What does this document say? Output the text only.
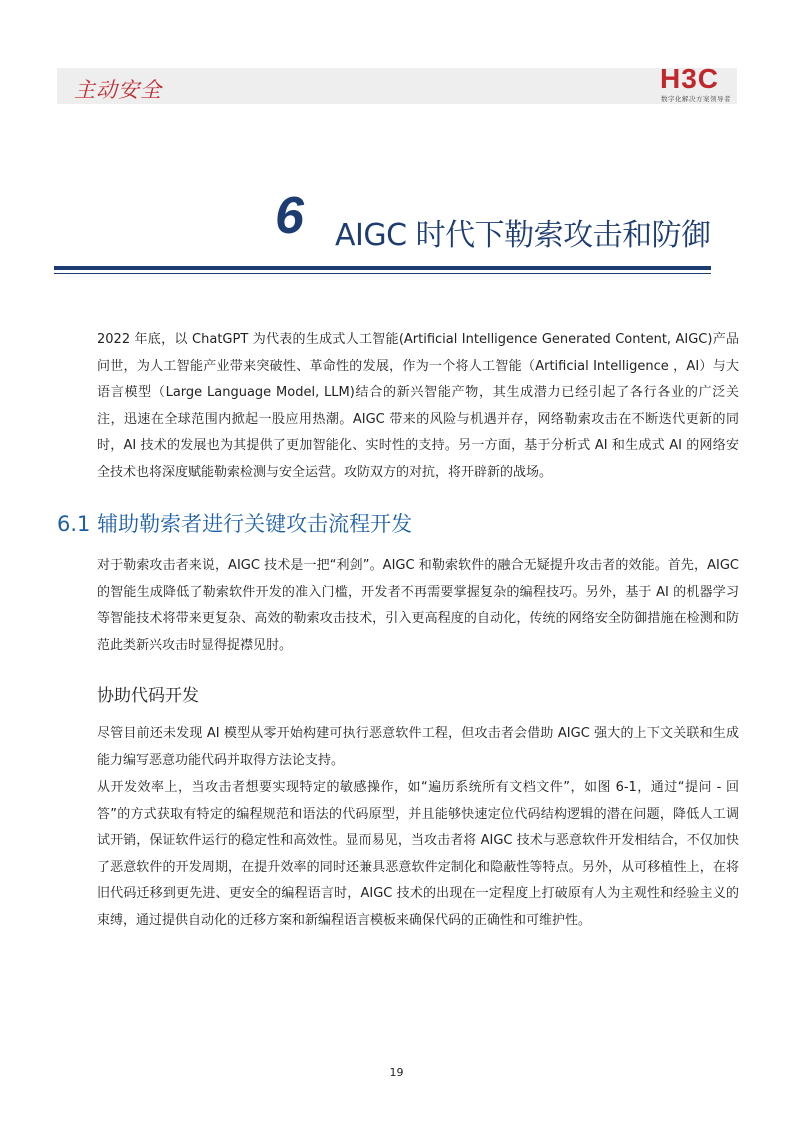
主动安全	H3C
数字化解决方案领导者
6 AIGC 时代下勒索攻击和防御

2022 年底，以 ChatGPT 为代表的生成式人工智能(Artificial Intelligence Generated Content, AIGC)产品问世，为人工智能产业带来突破性、革命性的发展，作为一个将人工智能（Artificial Intelligence ，AI）与大语言模型（Large Language Model, LLM)结合的新兴智能产物，其生成潜力已经引起了各行各业的广泛关注，迅速在全球范围内掀起一股应用热潮。AIGC 带来的风险与机遇并存，网络勒索攻击在不断迭代更新的同时，AI 技术的发展也为其提供了更加智能化、实时性的支持。另一方面，基于分析式 AI 和生成式 AI 的网络安全技术也将深度赋能勒索检测与安全运营。攻防双方的对抗，将开辟新的战场。

6.1 辅助勒索者进行关键攻击流程开发

对于勒索攻击者来说，AIGC 技术是一把“利剑”。AIGC 和勒索软件的融合无疑提升攻击者的效能。首先，AIGC 的智能生成降低了勒索软件开发的准入门槛，开发者不再需要掌握复杂的编程技巧。另外，基于 AI 的机器学习等智能技术将带来更复杂、高效的勒索攻击技术，引入更高程度的自动化，传统的网络安全防御措施在检测和防范此类新兴攻击时显得捉襟见肘。

协助代码开发

尽管目前还未发现 AI 模型从零开始构建可执行恶意软件工程，但攻击者会借助 AIGC 强大的上下文关联和生成能力编写恶意功能代码并取得方法论支持。

从开发效率上，当攻击者想要实现特定的敏感操作，如“遍历系统所有文档文件”，如图 6-1，通过“提问 - 回答”的方式获取有特定的编程规范和语法的代码原型，并且能够快速定位代码结构逻辑的潜在问题，降低人工调试开销，保证软件运行的稳定性和高效性。显而易见，当攻击者将 AIGC 技术与恶意软件开发相结合，不仅加快了恶意软件的开发周期，在提升效率的同时还兼具恶意软件定制化和隐蔽性等特点。另外，从可移植性上，在将旧代码迁移到更先进、更安全的编程语言时，AIGC 技术的出现在一定程度上打破原有人为主观性和经验主义的束缚，通过提供自动化的迁移方案和新编程语言模板来确保代码的正确性和可维护性。

19
